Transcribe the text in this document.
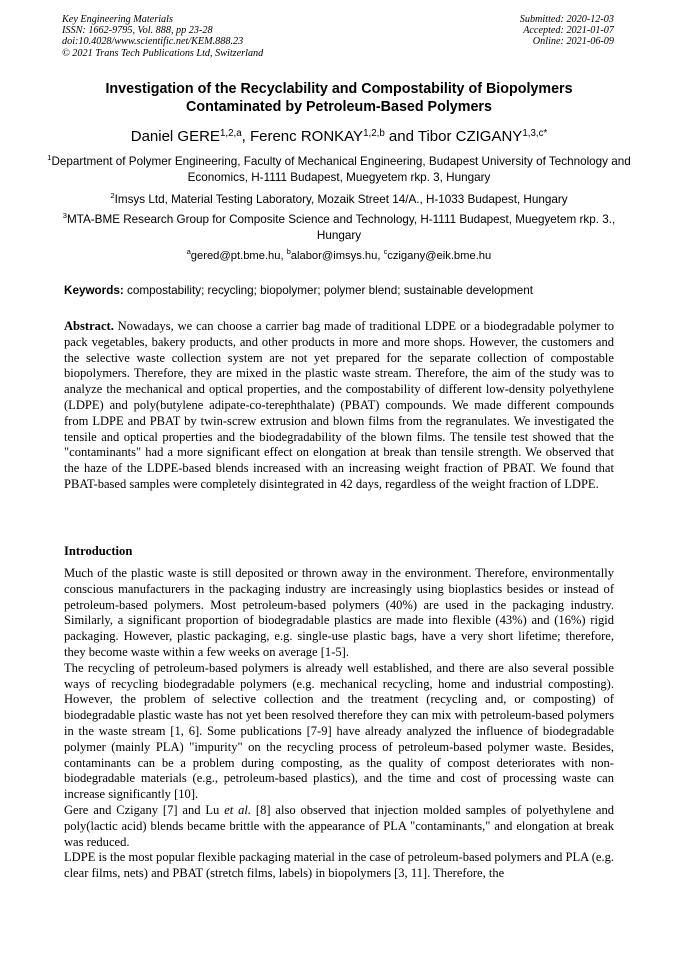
Key Engineering Materials
ISSN: 1662-9795, Vol. 888, pp 23-28
doi:10.4028/www.scientific.net/KEM.888.23
© 2021 Trans Tech Publications Ltd, Switzerland
Submitted: 2020-12-03
Accepted: 2021-01-07
Online: 2021-06-09
Investigation of the Recyclability and Compostability of Biopolymers
Contaminated by Petroleum-Based Polymers
Daniel GERE$^{1,2,a}$, Ferenc RONKAY$^{1,2,b}$ and Tibor $CZIGANY^{1,3,c*}$
$^1$Department of Polymer Engineering, Faculty of Mechanical Engineering, Budapest University of Technology and Economics, H-1111 Budapest, Muegyetem rkp. 3, Hungary
$^2$Imsys Ltd, Material Testing Laboratory, Mozaik Street 14/A., H-1033 Budapest, Hungary
$^3$MTA-BME Research Group for Composite Science and Technology, H-1111 Budapest, Muegyetem rkp. 3., Hungary
$^a$gered@pt.bme.hu, $^b$alabor@imsys.hu, $^c$czigany@eik.bme.hu
Keywords: compostability; recycling; biopolymer; polymer blend; sustainable development

Abstract. Nowadays, we can choose a carrier bag made of traditional LDPE or a biodegradable polymer to pack vegetables, bakery products, and other products in more and more shops. However, the customers and the selective waste collection system are not yet prepared for the separate collection of compostable biopolymers. Therefore, they are mixed in the plastic waste stream. Therefore, the aim of the study was to analyze the mechanical and optical properties, and the compostability of different low-density polyethylene (LDPE) and poly(butylene adipate-co-terephthalate) (PBAT) compounds. We made different compounds from LDPE and PBAT by twin-screw extrusion and blown films from the regranulates. We investigated the tensile and optical properties and the biodegradability of the blown films. The tensile test showed that the "contaminants" had a more significant effect on elongation at break than tensile strength. We observed that the haze of the LDPE-based blends increased with an increasing weight fraction of PBAT. We found that PBAT-based samples were completely disintegrated in 42 days, regardless of the weight fraction of LDPE.

Introduction

Much of the plastic waste is still deposited or thrown away in the environment. Therefore, environmentally conscious manufacturers in the packaging industry are increasingly using bioplastics besides or instead of petroleum-based polymers. Most petroleum-based polymers (40%) are used in the packaging industry. Similarly, a significant proportion of biodegradable plastics are made into flexible (43%) and (16%) rigid packaging. However, plastic packaging, e.g. single-use plastic bags, have a very short lifetime; therefore, they become waste within a few weeks on average [1-5].

The recycling of petroleum-based polymers is already well established, and there are also several possible ways of recycling biodegradable polymers (e.g. mechanical recycling, home and industrial composting). However, the problem of selective collection and the treatment (recycling and, or composting) of biodegradable plastic waste has not yet been resolved therefore they can mix with petroleum-based polymers in the waste stream [1, 6]. Some publications [7-9] have already analyzed the influence of biodegradable polymer (mainly PLA) "impurity" on the recycling process of petroleum-based polymer waste. Besides, contaminants can be a problem during composting, as the quality of compost deteriorates with non-biodegradable materials (e.g., petroleum-based plastics), and the time and cost of processing waste can increase significantly [10].

Gere and Czigany [7] and Lu et al. [8] also observed that injection molded samples of polyethylene and poly(lactic acid) blends became brittle with the appearance of PLA "contaminants," and elongation at break was reduced.

LDPE is the most popular flexible packaging material in the case of petroleum-based polymers and PLA (e.g. clear films, nets) and PBAT (stretch films, labels) in biopolymers [3, 11]. Therefore, the
